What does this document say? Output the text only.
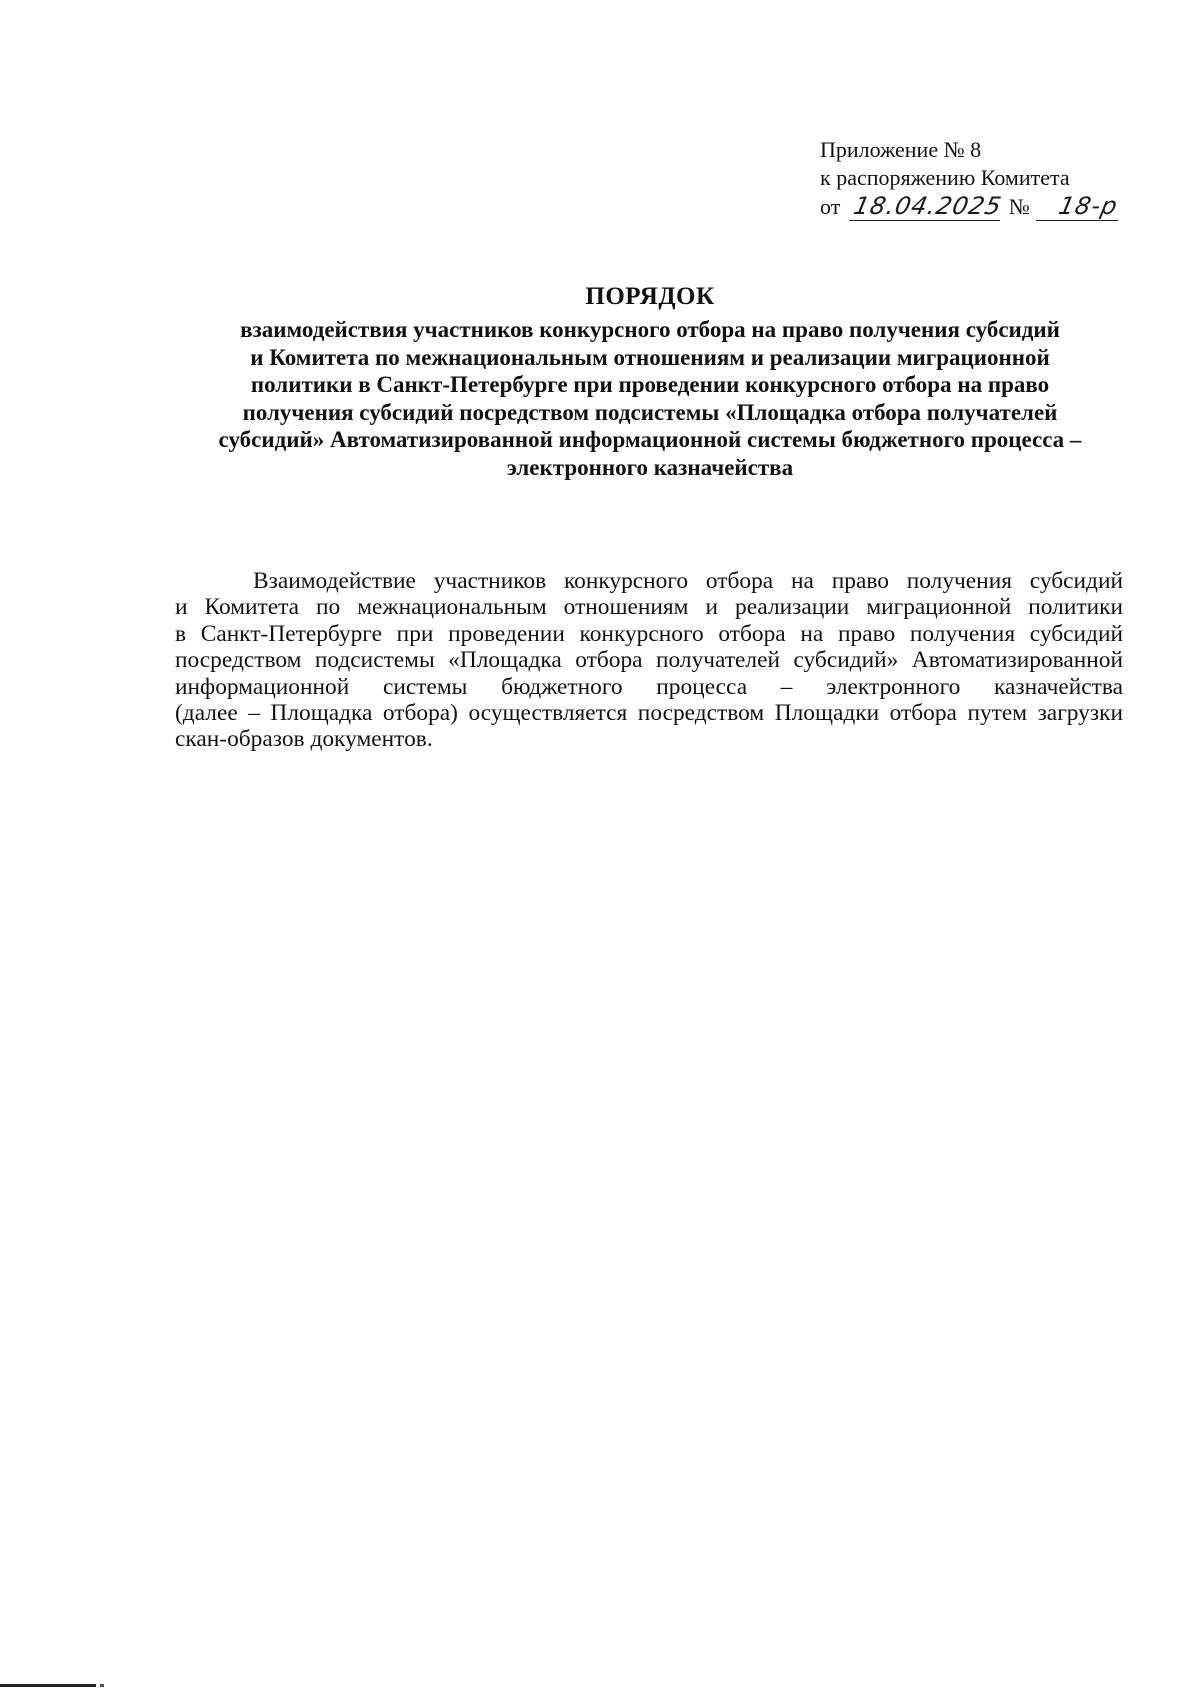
Приложение № 8
к распоряжению Комитета
от 18.04.2025 № 18-р
ПОРЯДОК
взаимодействия участников конкурсного отбора на право получения субсидий
и Комитета по межнациональным отношениям и реализации миграционной
политики в Санкт-Петербурге при проведении конкурсного отбора на право
получения субсидий посредством подсистемы «Площадка отбора получателей
субсидий» Автоматизированной информационной системы бюджетного процесса –
электронного казначейства
Взаимодействие участников конкурсного отбора на право получения субсидий
и Комитета по межнациональным отношениям и реализации миграционной политики
в Санкт-Петербурге при проведении конкурсного отбора на право получения субсидий
посредством подсистемы «Площадка отбора получателей субсидий» Автоматизированной
информационной системы бюджетного процесса – электронного казначейства
(далее – Площадка отбора) осуществляется посредством Площадки отбора путем загрузки
скан-образов документов.
